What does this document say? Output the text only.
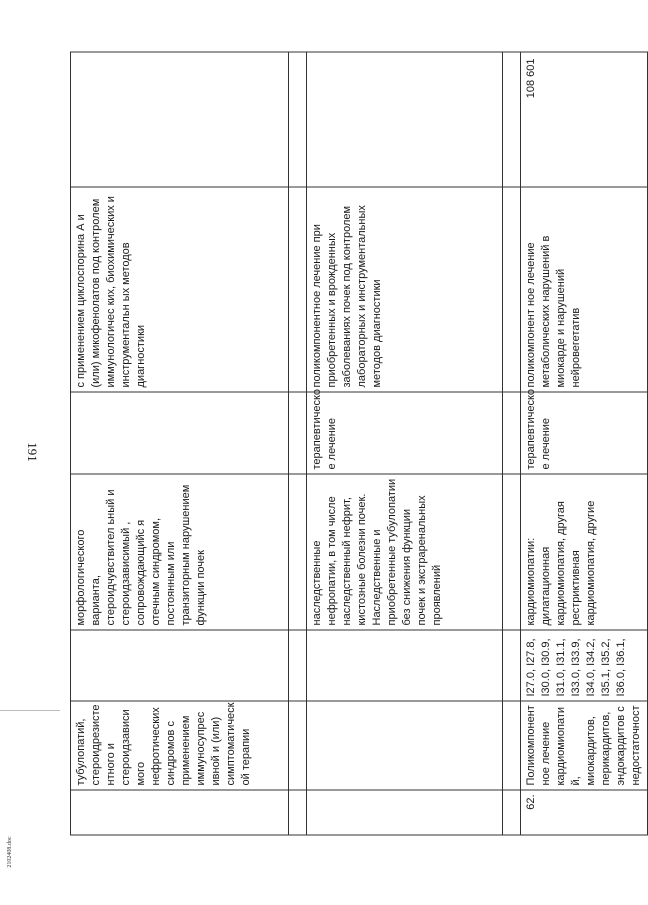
191
2102408.doc
	тубулопатий, стероидрезисте нтного и стероидзависи мого нефротических синдромов с применением иммуносупрес ивной и (или) симптоматическ ой терапии		морфологического варианта, стероидчувствител ьный и стероидзависимый , сопровождающийс я отечным синдромом, постоянным или транзиторным нарушением функции почек		с применением циклоспорина А и (или) микофенолатов под контролем иммунологичес ких, биохимических и инструментальн ых методов диагностики	

			наследственные нефропатии, в том числе наследственный нефрит, кистозные болезни почек. Наследственные и приобретенные тубулопатии без снижения функции почек и экстраренальных проявлений	терапевтическо е лечение	поликомпонентное лечение при приобретенных и врожденных заболеваниях почек под контролем лабораторных и инструментальных методов диагностики	

62.	Поликомпонент ное лечение кардиомиопати й, миокардитов, перикардитов, эндокардитов с недостаточност	I27.0, I27.8, I30.0, I30.9, I31.0, I31.1, I33.0, I33.9, I34.0, I34.2, I35.1, I35.2, I36.0, I36.1,	кардиомиопатии: дилатационная кардиомиопатия, другая рестриктивная кардиомиопатия, другие	терапевтическо е лечение	поликомпонент ное лечение метаболических нарушений в миокарде и нарушений нейровегетатив	108 601
